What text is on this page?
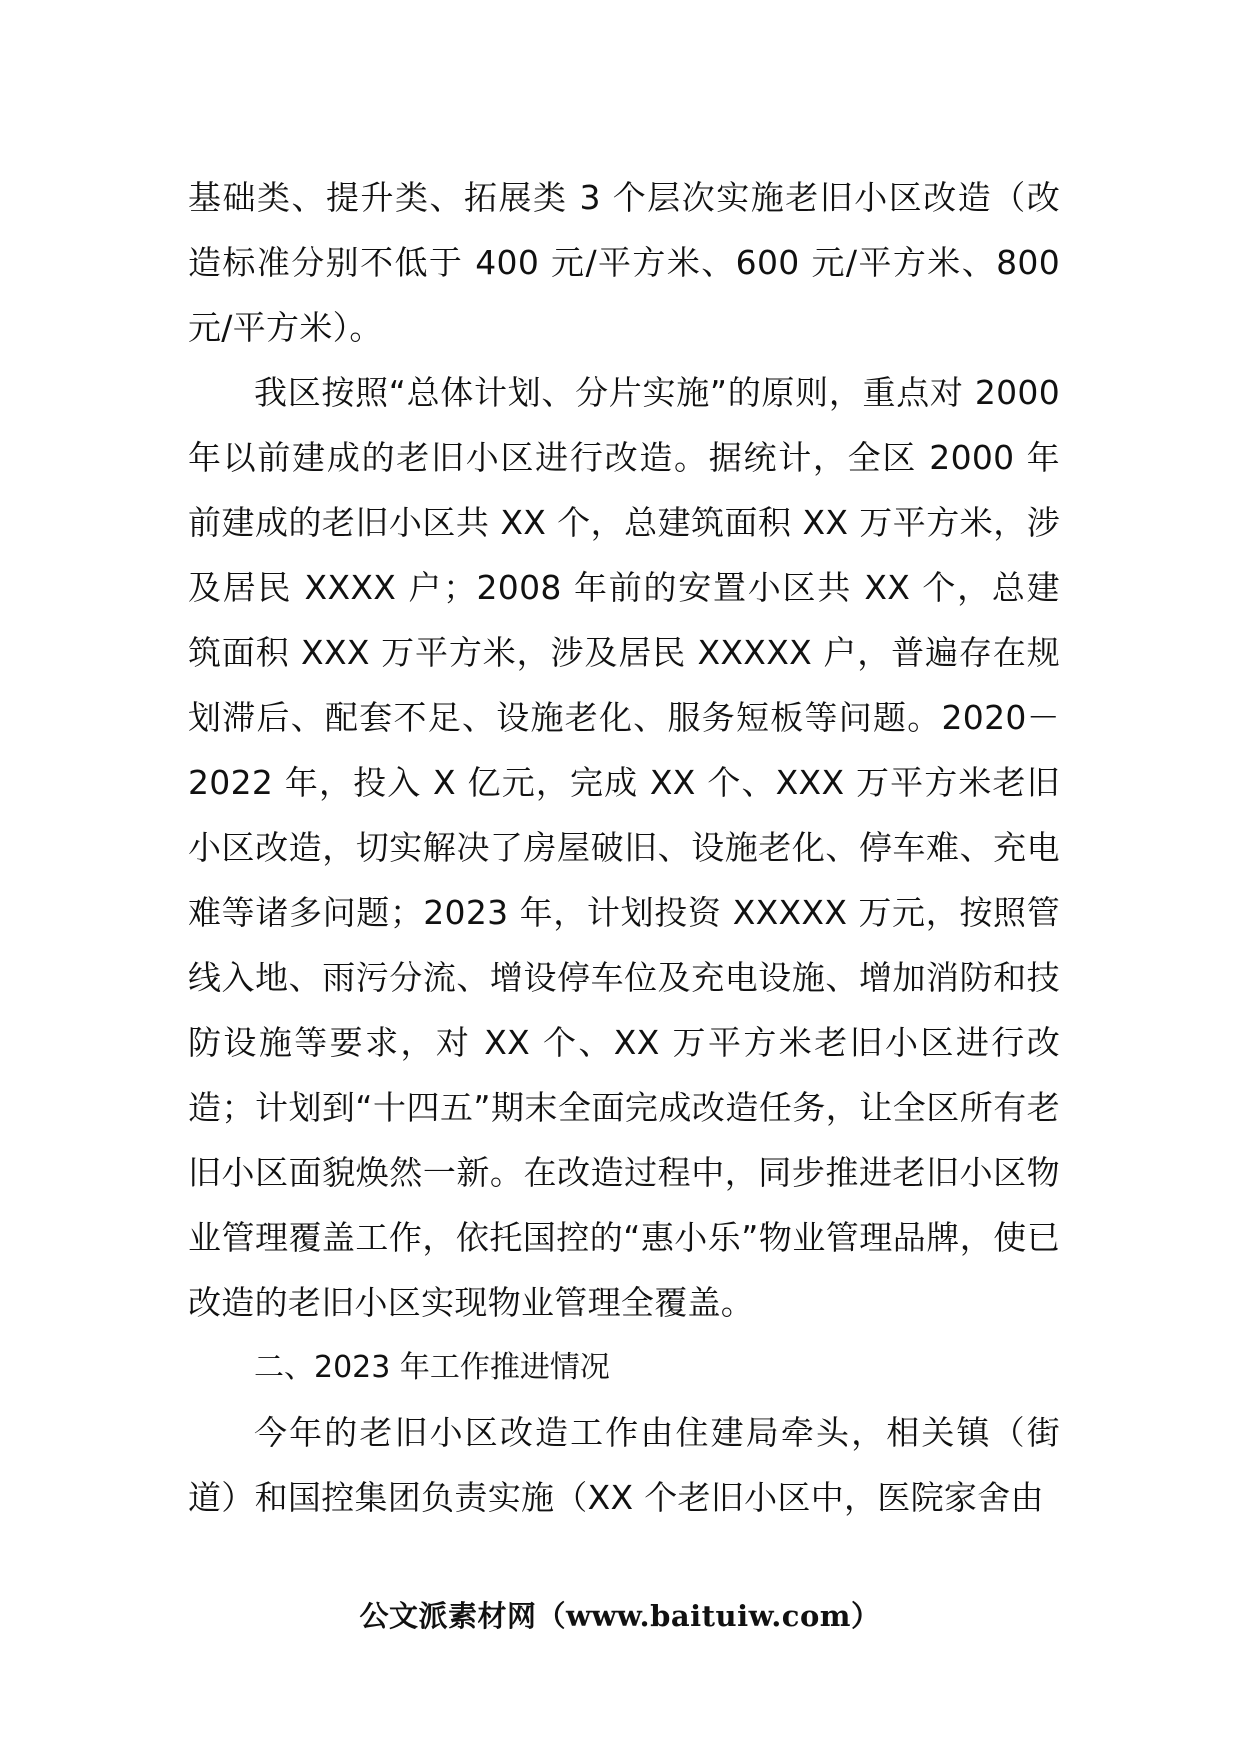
基础类、提升类、拓展类 3 个层次实施老旧小区改造（改造标准分别不低于 400 元/平方米、600 元/平方米、800 元/平方米）。

我区按照“总体计划、分片实施”的原则，重点对 2000 年以前建成的老旧小区进行改造。据统计，全区 2000 年前建成的老旧小区共 XX 个，总建筑面积 XX 万平方米，涉及居民 XXXX 户；2008 年前的安置小区共 XX 个，总建筑面积 XXX 万平方米，涉及居民 XXXXX 户，普遍存在规划滞后、配套不足、设施老化、服务短板等问题。2020－2022 年，投入 X 亿元，完成 XX 个、XXX 万平方米老旧小区改造，切实解决了房屋破旧、设施老化、停车难、充电难等诸多问题；2023 年，计划投资 XXXXX 万元，按照管线入地、雨污分流、增设停车位及充电设施、增加消防和技防设施等要求，对 XX 个、XX 万平方米老旧小区进行改造；计划到“十四五”期末全面完成改造任务，让全区所有老旧小区面貌焕然一新。在改造过程中，同步推进老旧小区物业管理覆盖工作，依托国控的“惠小乐”物业管理品牌，使已改造的老旧小区实现物业管理全覆盖。

二、2023 年工作推进情况

今年的老旧小区改造工作由住建局牵头，相关镇（街道）和国控集团负责实施（XX 个老旧小区中，医院家舍由

公文派素材网（www.baituiw.com）
